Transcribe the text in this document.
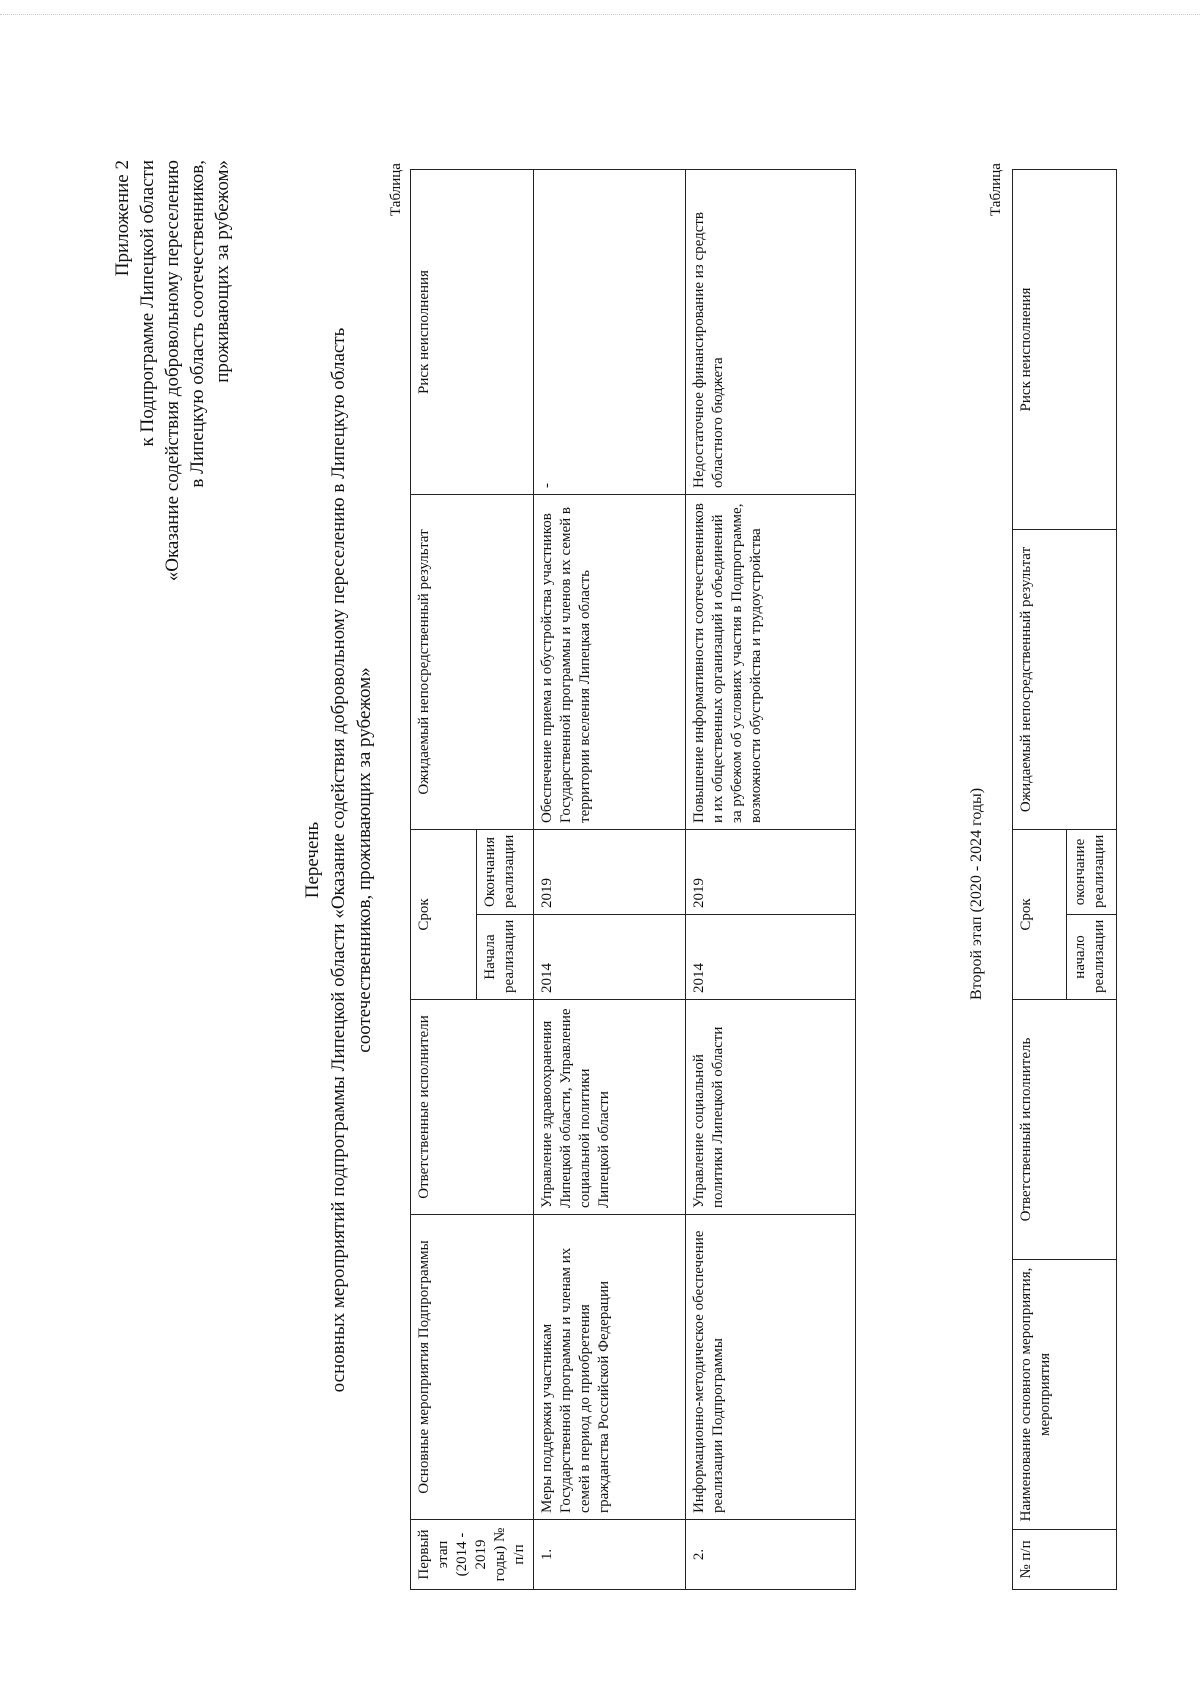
Приложение 2 к Подпрограмме Липецкой области «Оказание содействия добровольному переселению в Липецкую область соотечественников, проживающих за рубежом»	Таблица
Перечень основных мероприятий подпрограммы Липецкой области «Оказание содействия добровольному переселению в Липецкую область соотечественников, проживающих за рубежом»
Первый этап (2014 - 2019 годы) № п/п	Основные мероприятия Подпрограммы	Ответственные исполнители	Срок		Ожидаемый непосредственный результат	Риск неисполнения
			Начала реализации	Окончания реализации		
1.	Меры поддержки участникам Государственной программы и членам их семей в период до приобретения гражданства Российской Федерации	Управление здравоохранения Липецкой области, Управление социальной политики Липецкой области	2014	2019	Обеспечение приема и обустройства участников Государственной программы и членов их семей в территории вселения Липецкая область	-
2.	Информационно-методическое обеспечение реализации Подпрограммы	Управление социальной политики Липецкой области	2014	2019	Повышение информативности соотечественников и их общественных организаций и объединений за рубежом об условиях участия в Подпрограмме, возможности обустройства и трудоустройства	Недостаточное финансирование из средств областного бюджета
Второй этап (2020 - 2024 годы)
Таблица
№ п/п	Наименование основного мероприятия, мероприятия	Ответственный исполнитель	Срок		Ожидаемый непосредственный результат	Риск неисполнения
			начало реализации	окончание реализации		
